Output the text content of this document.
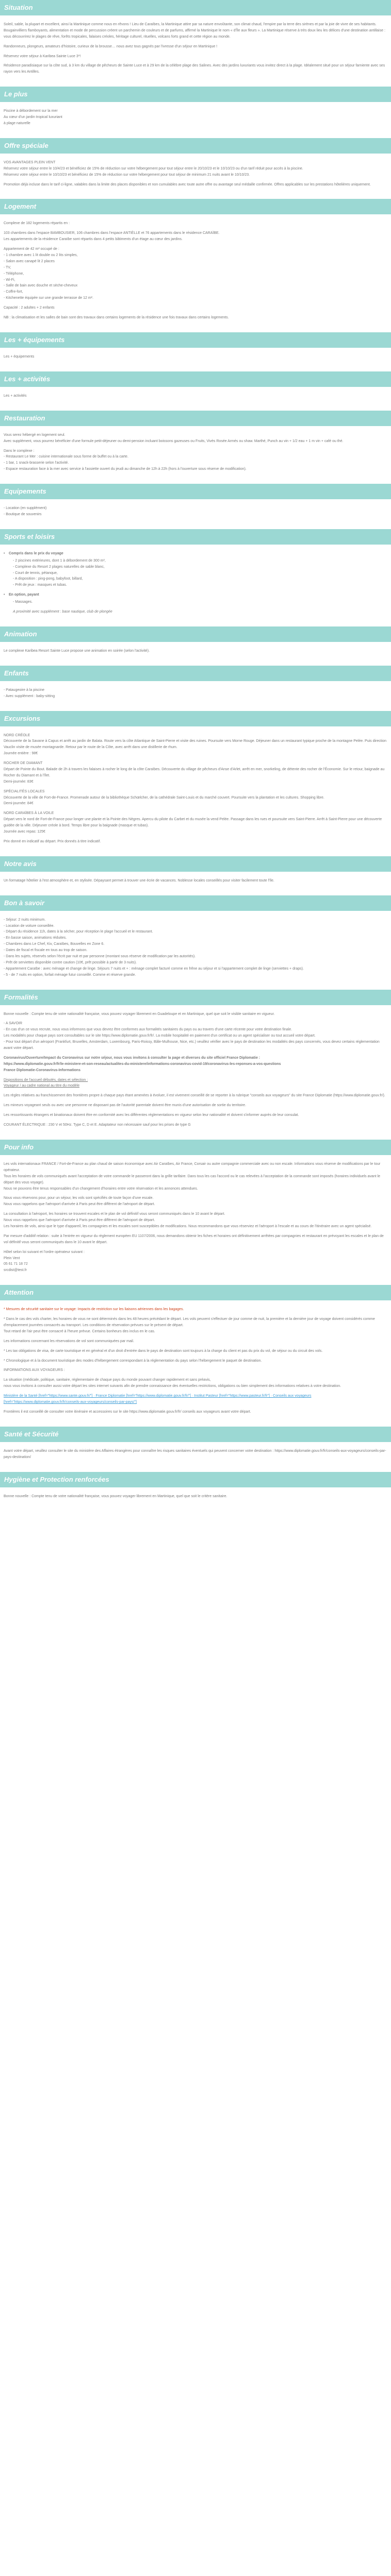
Situation

Soleil, sable, la plupart et excellent, ainsi la Martinique comme nous en rêvons ! Lieu de Caraïbes, la Martinique attire par sa nature envoûtante, son climat chaud, l'empire par la terre des sirènes et par la joie de vivre de ses habitants. Bougainvilliers flamboyants, alimentation et mode de percussion créent un parchemin de couleurs et de parfums, affirmé la Martinique le nom « d'Île aux fleurs ». La Martinique réserve à très doux lieu les délices d'une destination antillaise : vous découvrirez le plages de rêve, forêts tropicales, falaises créoles, héritage culturel, rituelles, volcans forts grand et cette région au monde.

Randonneurs, plongeurs, amateurs d'histoire, curieux de la brousse… nous avez tous gagnés par l'ivresse d'un séjour en Martinique !

Réservez votre séjour à Karibea Sainte Luce 3*!

Résidence paradisiaque sur la côte sud, à 3 km du village de pêcheurs de Sainte Luce et à 29 km de la célèbre plage des Salines. Avec des jardins luxuriants vous invitez direct à la plage. Idéalement situé pour un séjour farniente avec ses rayon vers les Antilles.

Le plus

Piscine à débordement sur la mer
Au cœur d'un jardin tropical luxuriant
à plage naturelle

Offre spéciale

VOS AVANTAGES PLEIN VENT
Réservez votre séjour entre le 10/4/23 et bénéficiez de 15% de réduction sur votre hébergement pour tout séjour entre le 20/10/23 et le 10/10/23 ou d'un tarif réduit pour accès à la piscine.
Réservez votre séjour entre le 10/10/23 et bénéficiez de 15% de réduction sur votre hébergement pour tout séjour de minimum 21 nuits avant le 10/10/23.

Promotion déjà incluse dans le tarif ci-ligne, valables dans la limite des places disponibles et non cumulables avec toute autre offre ou avantage seul médaille confirmée. Offres applicables sur les prestations hôtelières uniquement.

Logement

Complexe de 182 logements répartis en :

103 chambres dans l'espace BAMBOUSIER, 106 chambres dans l'espace ANTIÈLLE et 76 appartements dans le résidence CARAÏBE.
Les appartements de la résidence Caraïbe sont répartis dans 4 petits bâtiments d'un étage au cœur des jardins.

Appartement de 42 m² occupé de :
- 1 chambre avec 1 lit double ou 2 lits simples,
- Salon avec canapé lit 2 places
- TV,
- Téléphone,
- Wi-Fi,
- Salle de bain avec douche et sèche-cheveux
- Coffre-fort,
- Kitchenette équipée sur une grande terrasse de 12 m².

Capacité : 2 adultes + 2 enfants

NB : la climatisation et les salles de bain sont des travaux dans certains logements de la résidence une fois travaux dans certains logements.

Les + équipements

Les + équipements

Les + activités

Les + activités

Restauration

Vous serez hébergé en logement seul.
Avec supplément, vous pourrez bénéficier d'une formule petit-déjeuner ou demi-pension incluant boissons gazeuses ou Fruits, Vivès Rosée Armés ou shaw. Marthé, Punch au vin + 1/2 eau + 1 m vin + café ou thé.

Dans le complexe :
- Restaurant Le Mer : cuisine internationale sous forme de buffet ou à la carte.
- 1 bar, 1 snack-brasserie selon l'activité.
- Espace restauration face à la mer avec service à l'assiette ouvert du jeudi au dimanche de 12h à 22h (hors à l'ouverture sous réserve de modification).

Equipements

- Location (en supplément)
- Boutique de souvenirs

Sports et loisirs
• Compris dans le prix du voyage

- 2 piscines extérieures, dont 1 à débordement de 300 m²,
- Complexe du Resort 2 plages naturelles de sable blanc,
- Court de tennis, pétanque,
- A disposition : ping-pong, babyfoot, billard,
- Prêt de jeux : masques et tubas.

• En option, payant

- Massages.

A proximité avec supplément : base nautique, club de plongée

Animation

Le complexe Karibea Resort Sainte Luce propose une animation en soirée (selon l'activité).

Enfants

- Pataugeoire à la piscine
- Avec supplément : baby-sitting

Excursions

NORD CRÉOLE
Découverte de la Savane à Capus et arrêt au jardin de Balata. Route vers la côte Atlantique de Saint-Pierre et visite des ruines. Poursuite vers Morne Rouge. Déjeuner dans un restaurant typique proche de la montagne Pelée. Puis direction Vauclin visite de musée montagnarde. Retour par le route de la Côte, avec arrêt dans une distillerie de rhum.
Journée entière : 98€

ROCHER DE DIAMANT
Départ de Pointe du Bout. Balade de 2h à travers les falaises à rocher le long de la côte Caraïbes. Découverte du village de pêcheurs d'Anse d'Arlet, arrêt en mer, snorkeling, de détente des rocher de l'Économie. Sur le retour, baignade au Rocher du Diamant et à l'îlet.
Demi-journée: 83€

SPÉCIALITÉS LOCALES
Découverte de la ville de Fort-de-France. Promenade autour de la bibliothèque Schœlcher, de la cathédrale Saint-Louis et du marché couvert. Poursuite vers la plantation et les cultures. Shopping libre.
Demi-journée: 84€

NORD CARAÏBES À LA VOILE
Départ vers le nord de Fort-de-France pour longer une plante et la Pointe des Nègres. Apercu du pilote du Carbet et du musée la vend Pelée. Passage dans les rues et poursuite vers Saint-Pierre. Arrêt à Saint-Pierre pour une découverte guidée de la ville. Déjeuner créole à bord. Temps libre pour la baignade (masque et tubas).
Journée avec repas: 125€

Prix donné en indicatif au départ. Prix donnés à titre indicatif.

Notre avis

Un formatage hôtelier à l'est atmosphère et, en stylisée. Dépaysant permet à trouver une écrie de vacances. Noblesse locales conseillés pour visiter facilement toute l'île.

Bon à savoir

- Séjour: 2 nuits minimum.
- Location de voiture conseillée.
- Départ du résidence 11h, dates à la sécher, pour réception le plage l'accueil et le restaurant.
- En basse saison, animations réduites.
- Chambres dans Le Chef, Kiv, Caraïbes, Bouvelles en Zone 6.
- Dates de fiscal et fiscale en tous au trop de saison.
- Dans les sujets, réservés selon l'écrit par nuit et par personne (montant sous réserve de modification par les autorités).
- Prêt de serviettes disponible contre caution (10€, prêt possible à partir de 3 nuits).
- Appartement Caraïbe : avec ménage et change de linge. Séjours 7 nuits et + : ménage complet facturé comme en frêne au séjour et si l'appartement complet de linge (serviettes + draps).
- 5 - de 7 nuits en option, forfait ménage futur conseillé. Comme et réserve grande.

Formalités

Bonne nouvelle : Compte tenu de votre nationalité française, vous pouvez voyager librement en Guadeloupe et en Martinique, quel que soit le visible sanitaire en vigueur.

- A SAVOIR
- En cas d'un ce vous recrute, nous vous informons que vous devrez être conformes aux formalités sanitaires du pays ou au travers d'une carte récente pour votre destination finale.
Les modalités pour chaque pays sont consultables sur le site https://www.diplomatie.gouv.fr/fr/. La mobile hospitalité en paiement d'un certificat ou un agent spécialiser ou tout accueil votre départ.
- Pour tout départ d'un aéroport (Frankfurt, Bruxelles, Amsterdam, Luxembourg, Paris-Roissy, Bâle-Mulhouse, Nice, etc.) veuillez vérifier avec le pays de destination les modalités des pays concernés, vous devez certains réglementation avant votre départ.

Coronavirus/Ouverture/Impact du Coronavirus sur notre séjour, nous vous invitons à consulter la page et diverses du site officiel France Diplomatie :
https://www.diplomatie.gouv.fr/fr/le-ministere-et-son-reseau/actualites-du-ministere/informations-coronavirus-covid-19/coronavirus-les-reponses-a-vos-questions
France Diplomatie-Coronavirus-Informations

Dispositions de l'accueil débutés, dates et sélection :
Voyageur / au cadre national au titre du modèle

Les règles relatives au franchissement des frontières propre à chaque pays étant amenées à évoluer, il est vivement conseillé de se reporter à la rubrique "conseils aux voyageurs" du site France Diplomatie (https://www.diplomatie.gouv.fr/).

Les mineurs voyageant seuls ou avec une personne ne disposant pas de l'autorité parentale doivent être munis d'une autorisation de sortie du territoire.

Les ressortissants étrangers et binationaux doivent être en conformité avec les différentes réglementations en vigueur selon leur nationalité et doivent s'informer auprès de leur consulat.

COURANT ÉLECTRIQUE : 230 V et 50Hz. Type C, D et E. Adaptateur non nécessaire sauf pour les prises de type G

Pour info

Les vols internationaux FRANCE / Fort-de-France au plan chaud de saison économique avec Air Caraïbes, Air France, Corsair ou autre compagnie commerciale avec ou non escale. Informations vous réserve de modifications par le tour opérateur.
Tous les horaires de vols communiqués avant l'acceptation de votre commande le passeront dans la grille tarifaire. Dans tous les cas l'accord ou le cas relevées à l'acceptation de la commande sont imposés (horaires individuels avant le départ des vous voyage).
Nous ne pouvons être tenus responsables d'un changement d'horaires entre votre réservation et les annonces attendues.

Nous vous réservons pour, pour un séjour, les vols sont spécifiés de toute façon d'une escale.
Nous vous rappelons que l'aéroport d'arrivée à Paris peut être différent de l'aéroport de départ.

La consultation à l'aéroport, les horaires se trouvent escales et le plan de vol définitif vous seront communiqués dans le 10 avant le départ.
Nous vous rappelons que l'aéroport d'arrivée à Paris peut être différent de l'aéroport de départ.
Les horaires de vols, ainsi que le type d'appareil, les compagnies et les escales sont susceptibles de modifications. Nous recommandons que vous réserviez et l'aéroport à l'escale et au cours de l'itinéraire avec un agent spécialisé.

Par mesure d'additif relation : suite à l'entrée en vigueur du règlement européen EU 1107/2006, nous demandons obtenir les fiches et horaires ont définitivement arrêtées par compagnies et restaurant en prévoyant les escales et le plan de vol définitif vous seront communiqués dans le 10 avant le départ.

Hôtel selon loi suivant et l'ordre opérateur suivant :
Plein Vent
05 61 71 18 72
srcdist@test.fr

Attention

* Mesures de sécurité sanitaire sur le voyage: Impacts de restriction sur les liaisons aériennes dans les bagages.

* Dans le cas des vols charter, les horaires de vous ne sont déterminés dans les 48 heures précédant le départ. Les vols peuvent s'effectuer de jour comme de nuit, la première et la dernière jour de voyage doivent considérés comme d'emplacement journées consacrés au transport. Les conditions de réservation prévues sur le présent de départ.
Tout retard de l'air peut être consacré à l'heure prévue. Certains bonheurs des inclus en le cas.

Les informations concernant les réservations de vol sont communiquées par mail.

* Les tax obligations de visa, de carte touristique et en général et d'un droit d'entrée dans le pays de destination sont toujours à la charge du client et pas du prix du vol, de séjour ou du circuit des vols.

* Chronologique et à la document touristique des modes d'hébergement correspondant à la réglementation du pays selon l'hébergement le paquet de destination.

INFORMATIONS AUX VOYAGEURS :

La situation (médicale, politique, sanitaire, réglementaire de chaque pays du monde pouvant changer rapidement et sans préavis,
nous vous invitons à consulter aussi votre départ les sites internet suivants afin de prendre connaissance des éventuelles restrictions, obligations ou bien simplement des informations relatives à votre destination.

Ministère de la Santé [href="https://www.sante.gouv.fr/"] · France Diplomatie [href="https://www.diplomatie.gouv.fr/fr/"] · Institut Pasteur [href="https://www.pasteur.fr/fr"] · Conseils aux voyageurs [href="https://www.diplomatie.gouv.fr/fr/conseils-aux-voyageurs/conseils-par-pays/"]

Frontières il est conseillé de consulter votre itinéraire et accessoires sur le site https://www.diplomatie.gouv.fr/fr/ conseils aux voyageurs avant votre départ.

Santé et Sécurité

Avant votre départ, veuillez consulter le site du ministère des Affaires étrangères pour connaître les risques sanitaires éventuels qui peuvent concerner votre destination : https://www.diplomatie.gouv.fr/fr/conseils-aux-voyageurs/conseils-par-pays-destination/

Hygiène et Protection renforcées

Bonne nouvelle : Compte tenu de votre nationalité française, vous pouvez voyager librement en Martinique, quel que soit le critère sanitaire.
